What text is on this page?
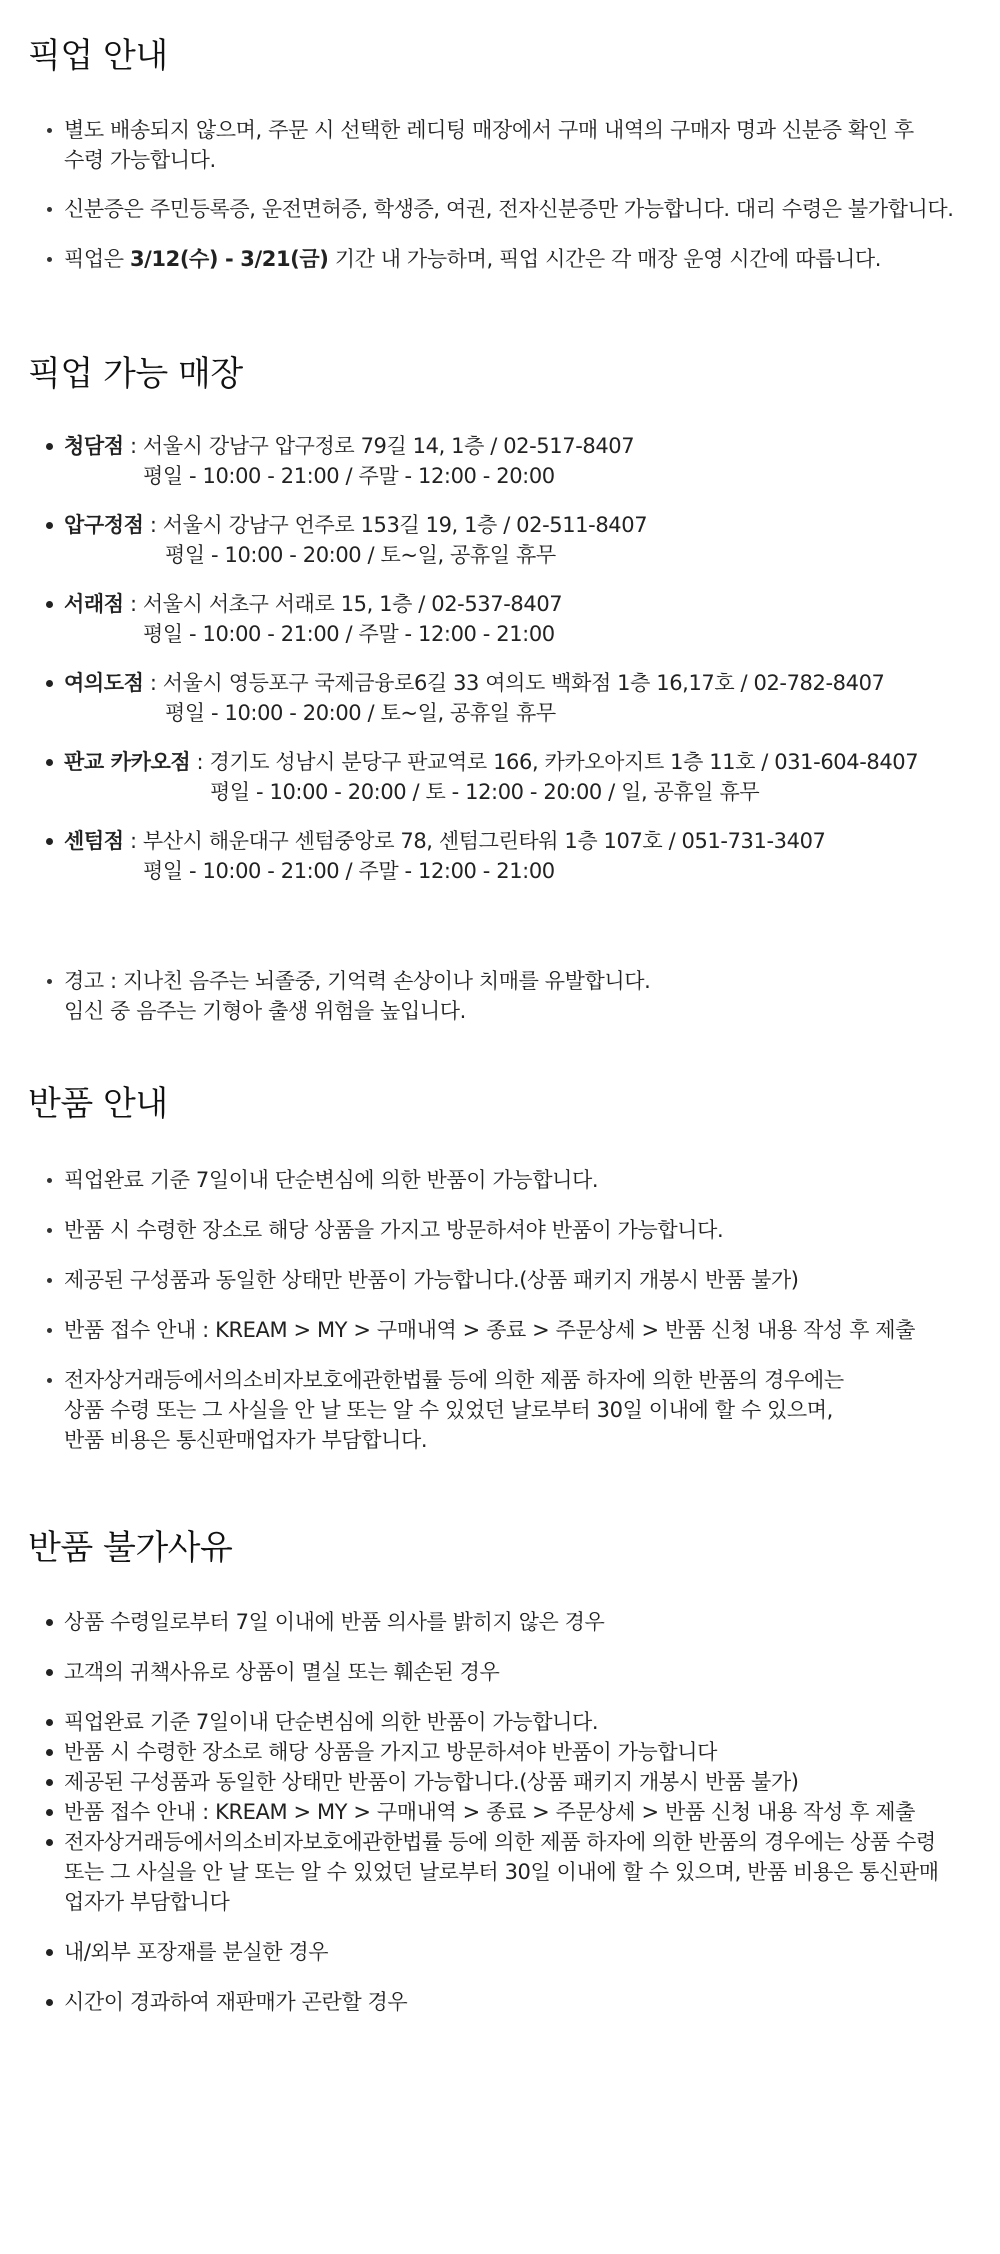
픽업 안내
별도 배송되지 않으며, 주문 시 선택한 레디팅 매장에서 구매 내역의 구매자 명과 신분증 확인 후
수령 가능합니다.
신분증은 주민등록증, 운전면허증, 학생증, 여권, 전자신분증만 가능합니다. 대리 수령은 불가합니다.
픽업은 3/12(수) - 3/21(금) 기간 내 가능하며, 픽업 시간은 각 매장 운영 시간에 따릅니다.
픽업 가능 매장
청담점 : 서울시 강남구 압구정로 79길 14, 1층 / 02-517-8407
평일 - 10:00 - 21:00 / 주말 - 12:00 - 20:00
압구정점 : 서울시 강남구 언주로 153길 19, 1층 / 02-511-8407
평일 - 10:00 - 20:00 / 토~일, 공휴일 휴무
서래점 : 서울시 서초구 서래로 15, 1층 / 02-537-8407
평일 - 10:00 - 21:00 / 주말 - 12:00 - 21:00
여의도점 : 서울시 영등포구 국제금융로6길 33 여의도 백화점 1층 16,17호 / 02-782-8407
평일 - 10:00 - 20:00 / 토~일, 공휴일 휴무
판교 카카오점 : 경기도 성남시 분당구 판교역로 166, 카카오아지트 1층 11호 / 031-604-8407
평일 - 10:00 - 20:00 / 토 - 12:00 - 20:00 / 일, 공휴일 휴무
센텀점 : 부산시 해운대구 센텀중앙로 78, 센텀그린타워 1층 107호 / 051-731-3407
평일 - 10:00 - 21:00 / 주말 - 12:00 - 21:00
경고 : 지나친 음주는 뇌졸중, 기억력 손상이나 치매를 유발합니다.
임신 중 음주는 기형아 출생 위험을 높입니다.
반품 안내
픽업완료 기준 7일이내 단순변심에 의한 반품이 가능합니다.
반품 시 수령한 장소로 해당 상품을 가지고 방문하셔야 반품이 가능합니다.
제공된 구성품과 동일한 상태만 반품이 가능합니다.(상품 패키지 개봉시 반품 불가)
반품 접수 안내 : KREAM > MY > 구매내역 > 종료 > 주문상세 > 반품 신청 내용 작성 후 제출
전자상거래등에서의소비자보호에관한법률 등에 의한 제품 하자에 의한 반품의 경우에는
상품 수령 또는 그 사실을 안 날 또는 알 수 있었던 날로부터 30일 이내에 할 수 있으며,
반품 비용은 통신판매업자가 부담합니다.
반품 불가사유
상품 수령일로부터 7일 이내에 반품 의사를 밝히지 않은 경우
고객의 귀책사유로 상품이 멸실 또는 훼손된 경우
픽업완료 기준 7일이내 단순변심에 의한 반품이 가능합니다.
반품 시 수령한 장소로 해당 상품을 가지고 방문하셔야 반품이 가능합니다
제공된 구성품과 동일한 상태만 반품이 가능합니다.(상품 패키지 개봉시 반품 불가)
반품 접수 안내 : KREAM > MY > 구매내역 > 종료 > 주문상세 > 반품 신청 내용 작성 후 제출
전자상거래등에서의소비자보호에관한법률 등에 의한 제품 하자에 의한 반품의 경우에는 상품 수령
또는 그 사실을 안 날 또는 알 수 있었던 날로부터 30일 이내에 할 수 있으며, 반품 비용은 통신판매
업자가 부담합니다
내/외부 포장재를 분실한 경우
시간이 경과하여 재판매가 곤란할 경우
